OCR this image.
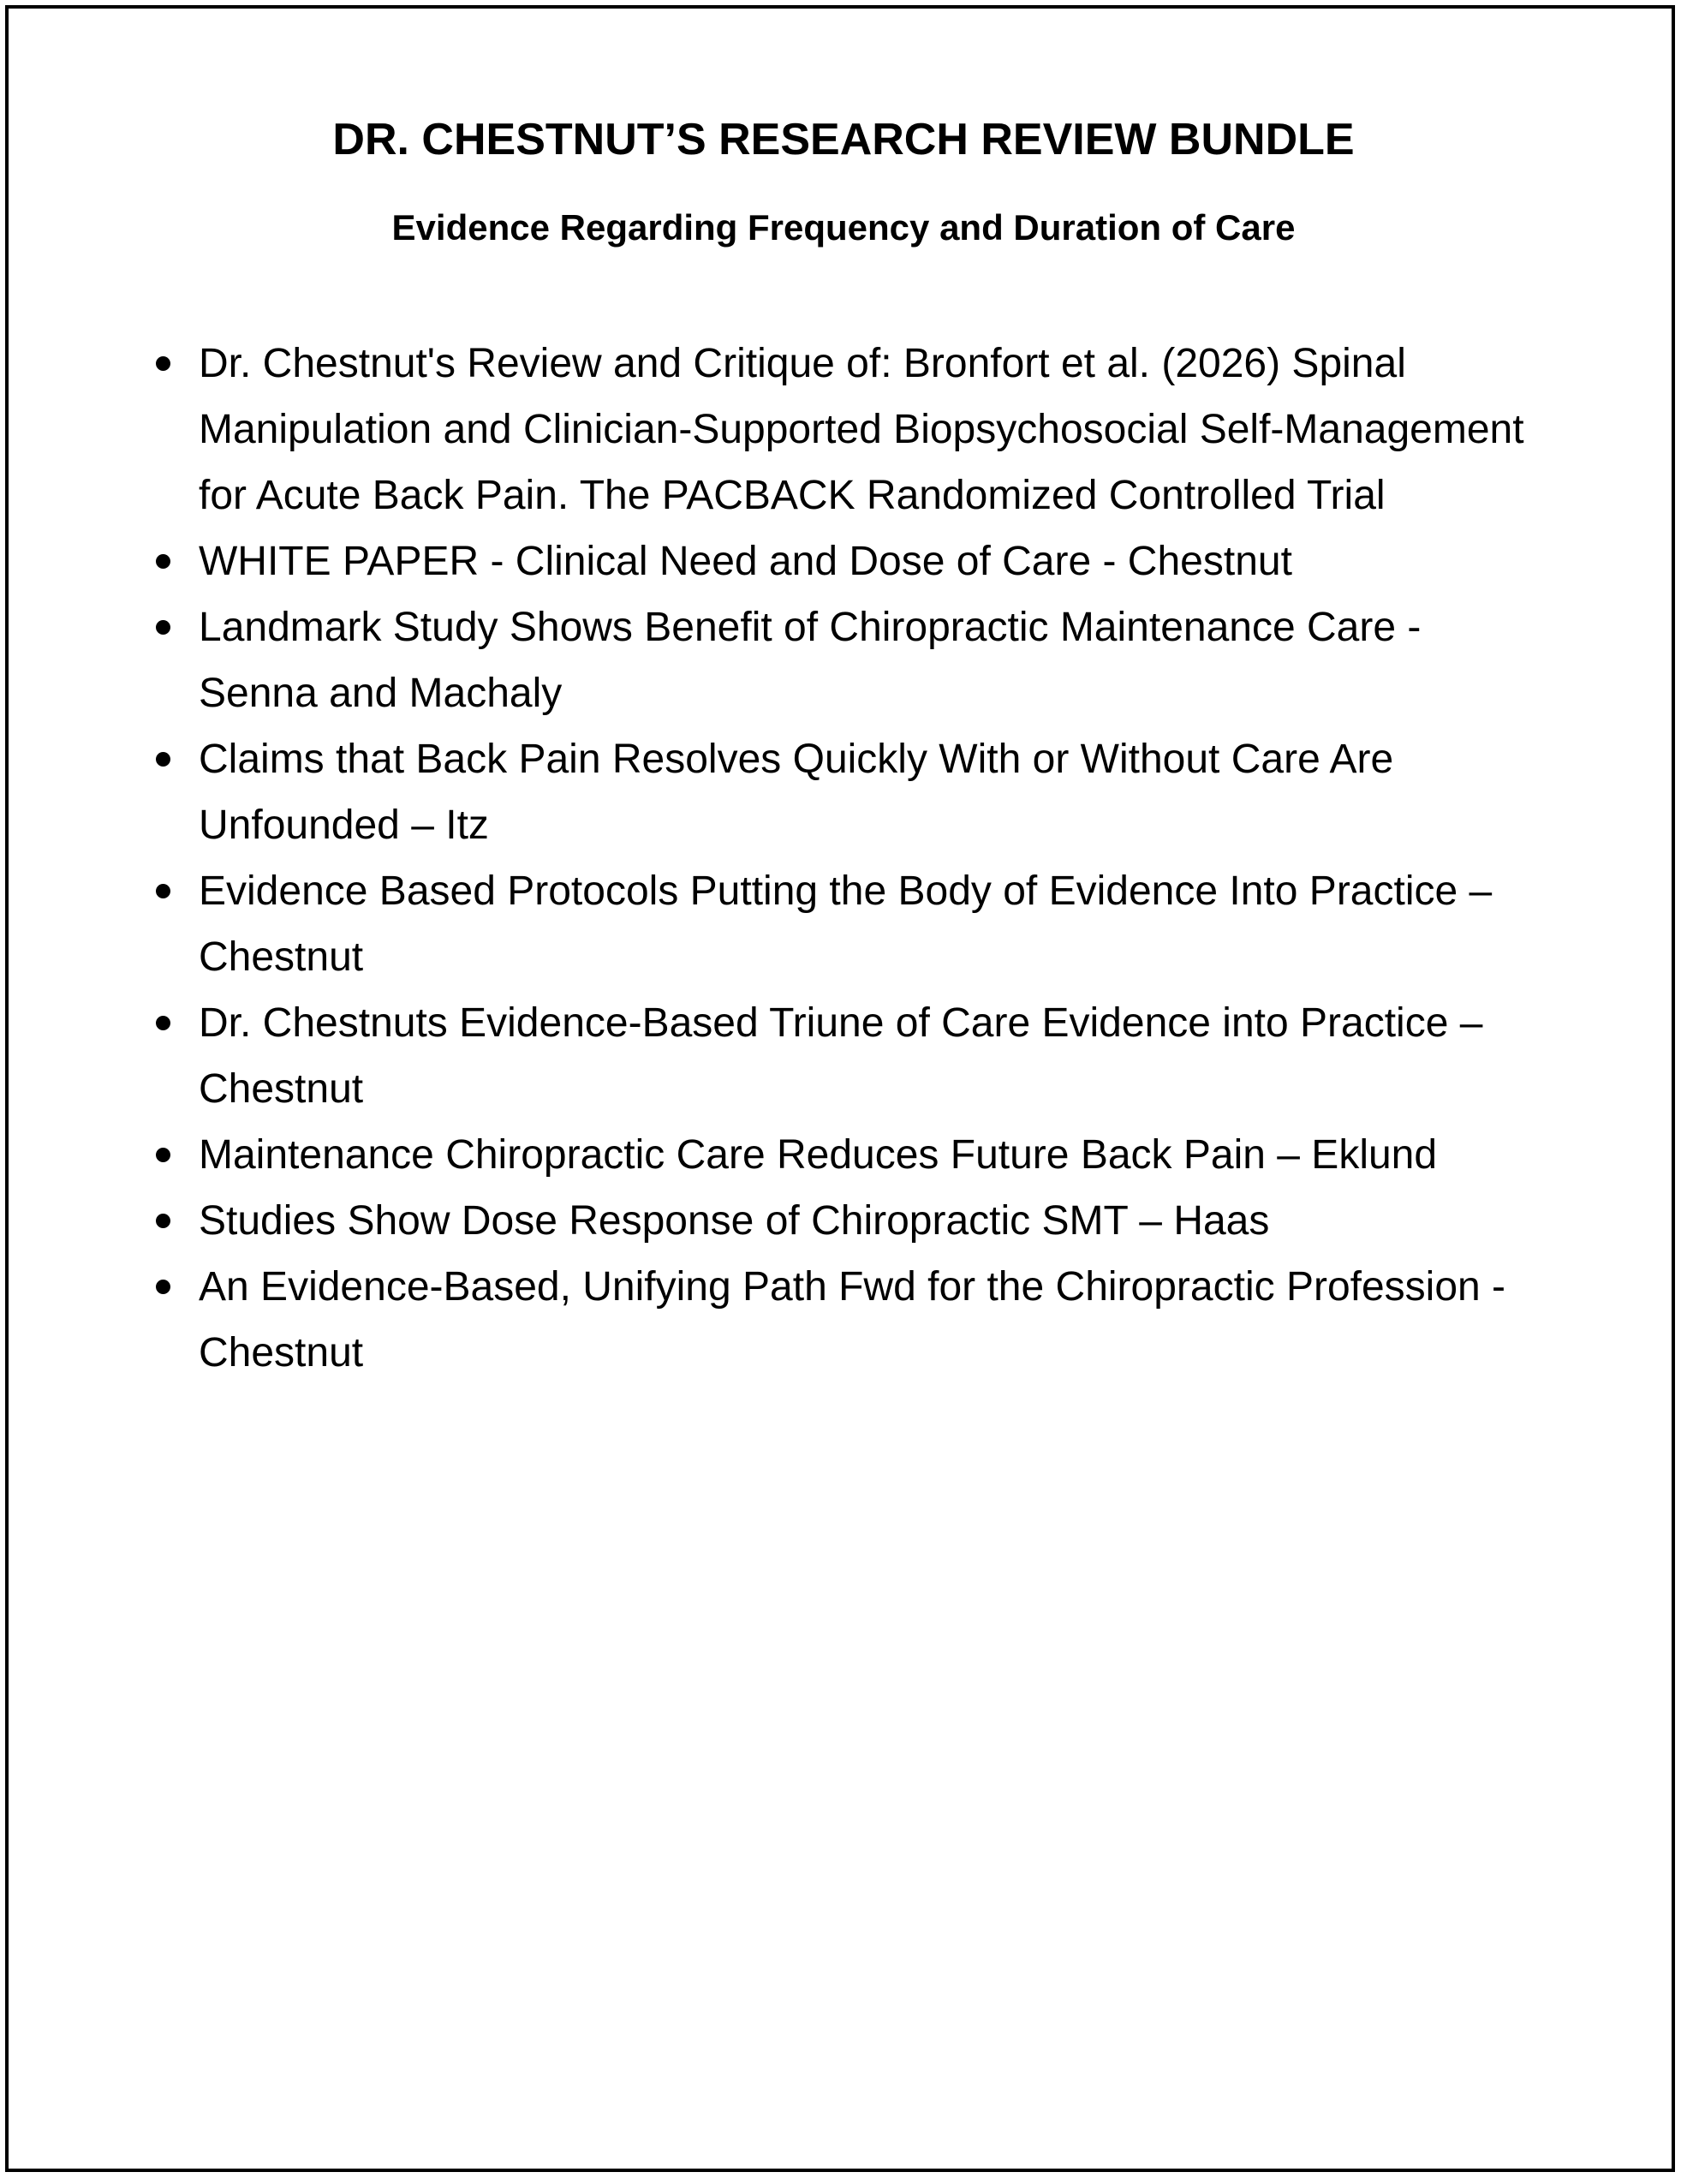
DR. CHESTNUT’S RESEARCH REVIEW BUNDLE
Evidence Regarding Frequency and Duration of Care
Dr. Chestnut's Review and Critique of: Bronfort et al. (2026) Spinal Manipulation and Clinician-Supported Biopsychosocial Self-Management for Acute Back Pain. The PACBACK Randomized Controlled Trial
WHITE PAPER - Clinical Need and Dose of Care - Chestnut
Landmark Study Shows Benefit of Chiropractic Maintenance Care - Senna and Machaly
Claims that Back Pain Resolves Quickly With or Without Care Are Unfounded – Itz
Evidence Based Protocols Putting the Body of Evidence Into Practice – Chestnut
Dr. Chestnuts Evidence-Based Triune of Care Evidence into Practice – Chestnut
Maintenance Chiropractic Care Reduces Future Back Pain – Eklund
Studies Show Dose Response of Chiropractic SMT – Haas
An Evidence-Based, Unifying Path Fwd for the Chiropractic Profession - Chestnut
